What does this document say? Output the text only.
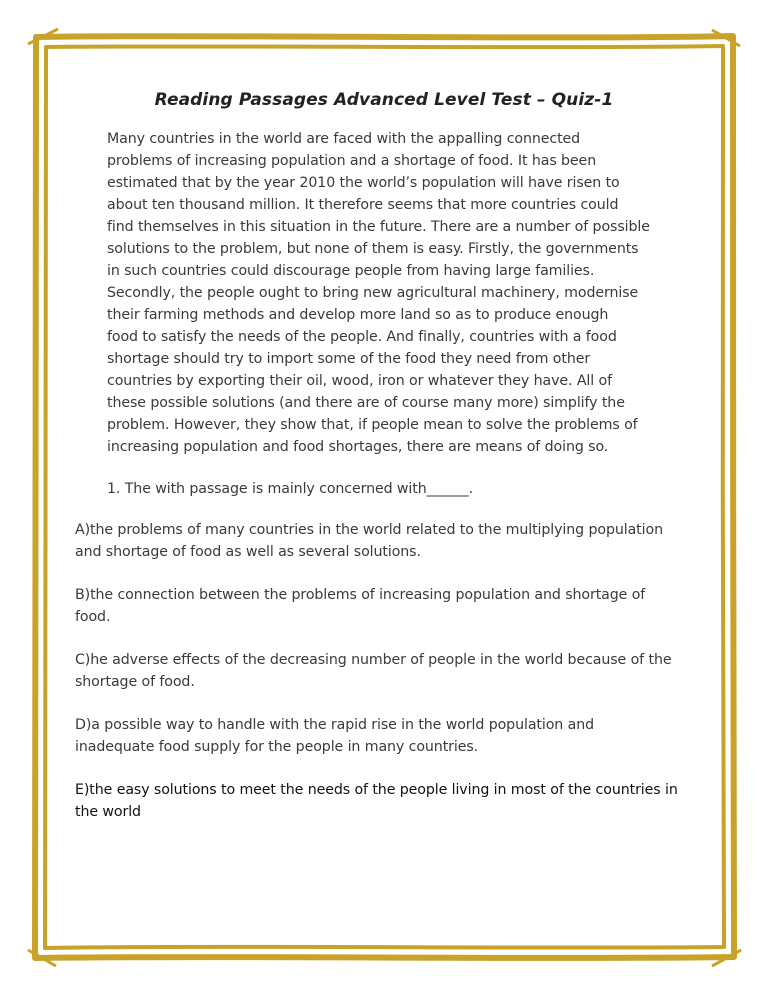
Reading Passages Advanced Level Test – Quiz-1
Many countries in the world are faced with the appalling connected
problems of increasing population and a shortage of food. It has been
estimated that by the year 2010 the world’s population will have risen to
about ten thousand million. It therefore seems that more countries could
find themselves in this situation in the future. There are a number of possible
solutions to the problem, but none of them is easy. Firstly, the governments
in such countries could discourage people from having large families.
Secondly, the people ought to bring new agricultural machinery, modernise
their farming methods and develop more land so as to produce enough
food to satisfy the needs of the people. And finally, countries with a food
shortage should try to import some of the food they need from other
countries by exporting their oil, wood, iron or whatever they have. All of
these possible solutions (and there are of course many more) simplify the
problem. However, they show that, if people mean to solve the problems of
increasing population and food shortages, there are means of doing so.

1. The with passage is mainly concerned with______.

A)the problems of many countries in the world related to the multiplying population
and shortage of food as well as several solutions.
B)the connection between the problems of increasing population and shortage of
food.
C)he adverse effects of the decreasing number of people in the world because of the
shortage of food.
D)a possible way to handle with the rapid rise in the world population and
inadequate food supply for the people in many countries.
E)the easy solutions to meet the needs of the people living in most of the countries in
the world
